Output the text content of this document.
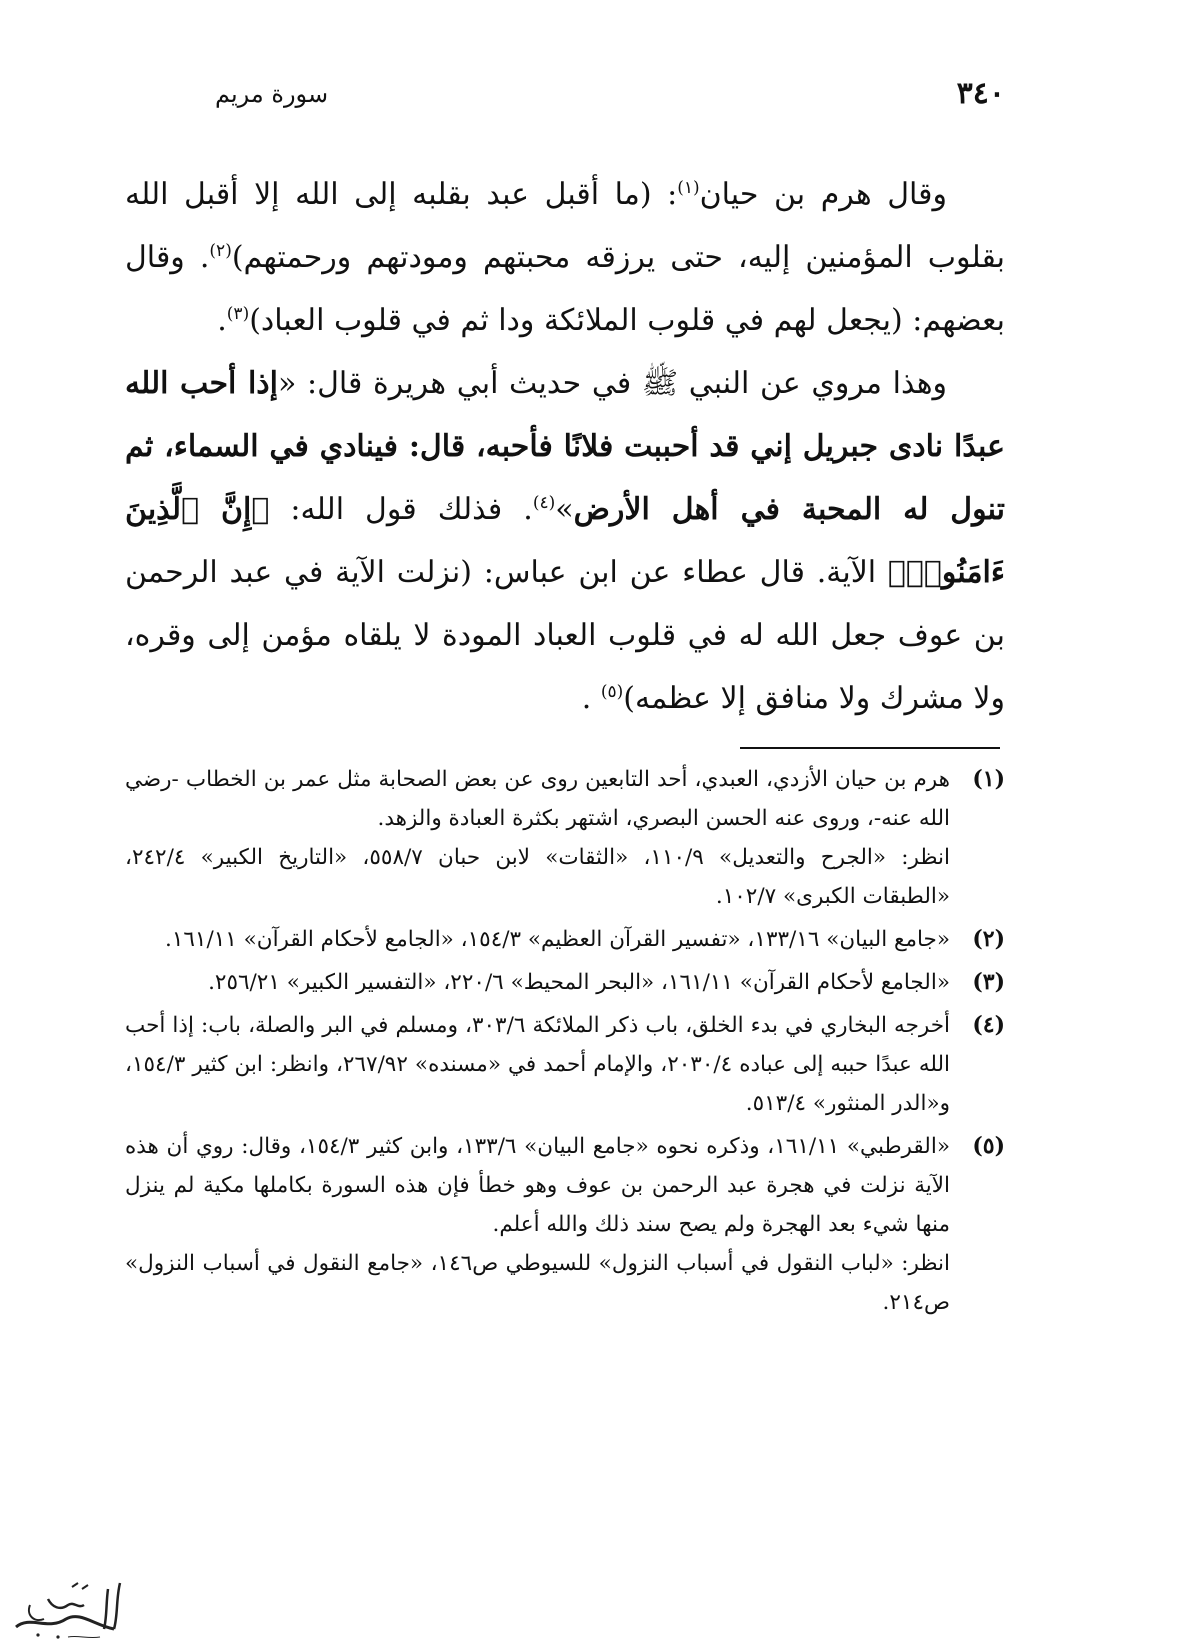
٣٤٠
سورة مريم

وقال هرم بن حيان$^{(١)}$: (ما أقبل عبد بقلبه إلى الله إلا أقبل الله بقلوب المؤمنين إليه، حتى يرزقه محبتهم ومودتهم ورحمتهم)$^{(٢)}$. وقال بعضهم: (يجعل لهم في قلوب الملائكة ودا ثم في قلوب العباد)$^{(٣)}$.

وهذا مروي عن النبي ﷺ في حديث أبي هريرة قال: «إذا أحب الله عبدًا نادى جبريل إني قد أحببت فلانًا فأحبه، قال: فينادي في السماء، ثم تنول له المحبة في أهل الأرض»$^{(٤)}$. فذلك قول الله: ﴿إِنَّ ٱلَّذِينَ ءَامَنُوا۟﴾ الآية. قال عطاء عن ابن عباس: (نزلت الآية في عبد الرحمن بن عوف جعل الله له في قلوب العباد المودة لا يلقاه مؤمن إلى وقره، ولا مشرك ولا منافق إلا عظمه)$^{(٥)}$ .

(١)

هرم بن حيان الأزدي، العبدي، أحد التابعين روى عن بعض الصحابة مثل عمر بن الخطاب -رضي الله عنه-، وروى عنه الحسن البصري، اشتهر بكثرة العبادة والزهد.

انظر: «الجرح والتعديل» ١١٠/٩، «الثقات» لابن حبان ٥٥٨/٧، «التاريخ الكبير» ٢٤٢/٤، «الطبقات الكبرى» ١٠٢/٧.

(٢)

«جامع البيان» ١٣٣/١٦، «تفسير القرآن العظيم» ١٥٤/٣، «الجامع لأحكام القرآن» ١٦١/١١.

(٣)

«الجامع لأحكام القرآن» ١٦١/١١، «البحر المحيط» ٢٢٠/٦، «التفسير الكبير» ٢٥٦/٢١.

(٤)

أخرجه البخاري في بدء الخلق، باب ذكر الملائكة ٣٠٣/٦، ومسلم في البر والصلة، باب: إذا أحب الله عبدًا حببه إلى عباده ٢٠٣٠/٤، والإمام أحمد في «مسنده» ٢٦٧/٩٢، وانظر: ابن كثير ١٥٤/٣، و«الدر المنثور» ٥١٣/٤.

(٥)

«القرطبي» ١٦١/١١، وذكره نحوه «جامع البيان» ١٣٣/٦، وابن كثير ١٥٤/٣، وقال: روي أن هذه الآية نزلت في هجرة عبد الرحمن بن عوف وهو خطأ فإن هذه السورة بكاملها مكية لم ينزل منها شيء بعد الهجرة ولم يصح سند ذلك والله أعلم.

انظر: «لباب النقول في أسباب النزول» للسيوطي ص١٤٦، «جامع النقول في أسباب النزول» ص٢١٤.
